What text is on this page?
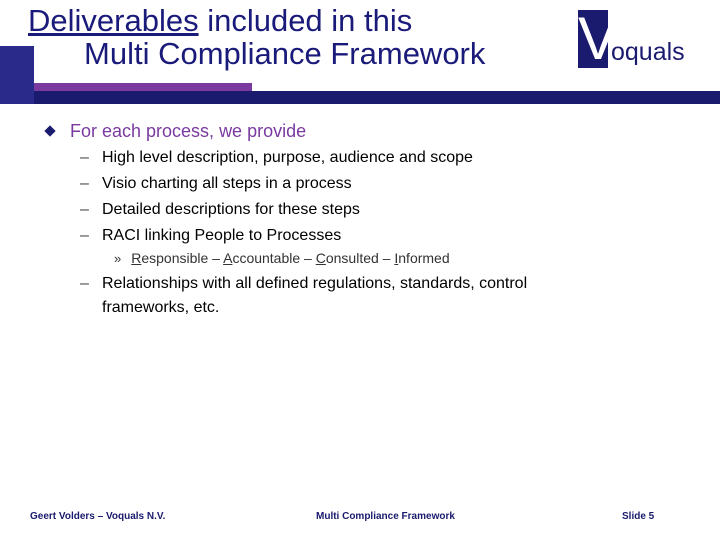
Deliverables included in this
Multi Compliance Framework V
oquals
For each process, we provide
– High level description, purpose, audience and scope
– Visio charting all steps in a process
– Detailed descriptions for these steps
– RACI linking People to Processes
» Responsible – Accountable – Consulted – Informed
– Relationships with all defined regulations, standards, control frameworks, etc.
Geert Volders – Voquals N.V.	Multi Compliance Framework	Slide 5
